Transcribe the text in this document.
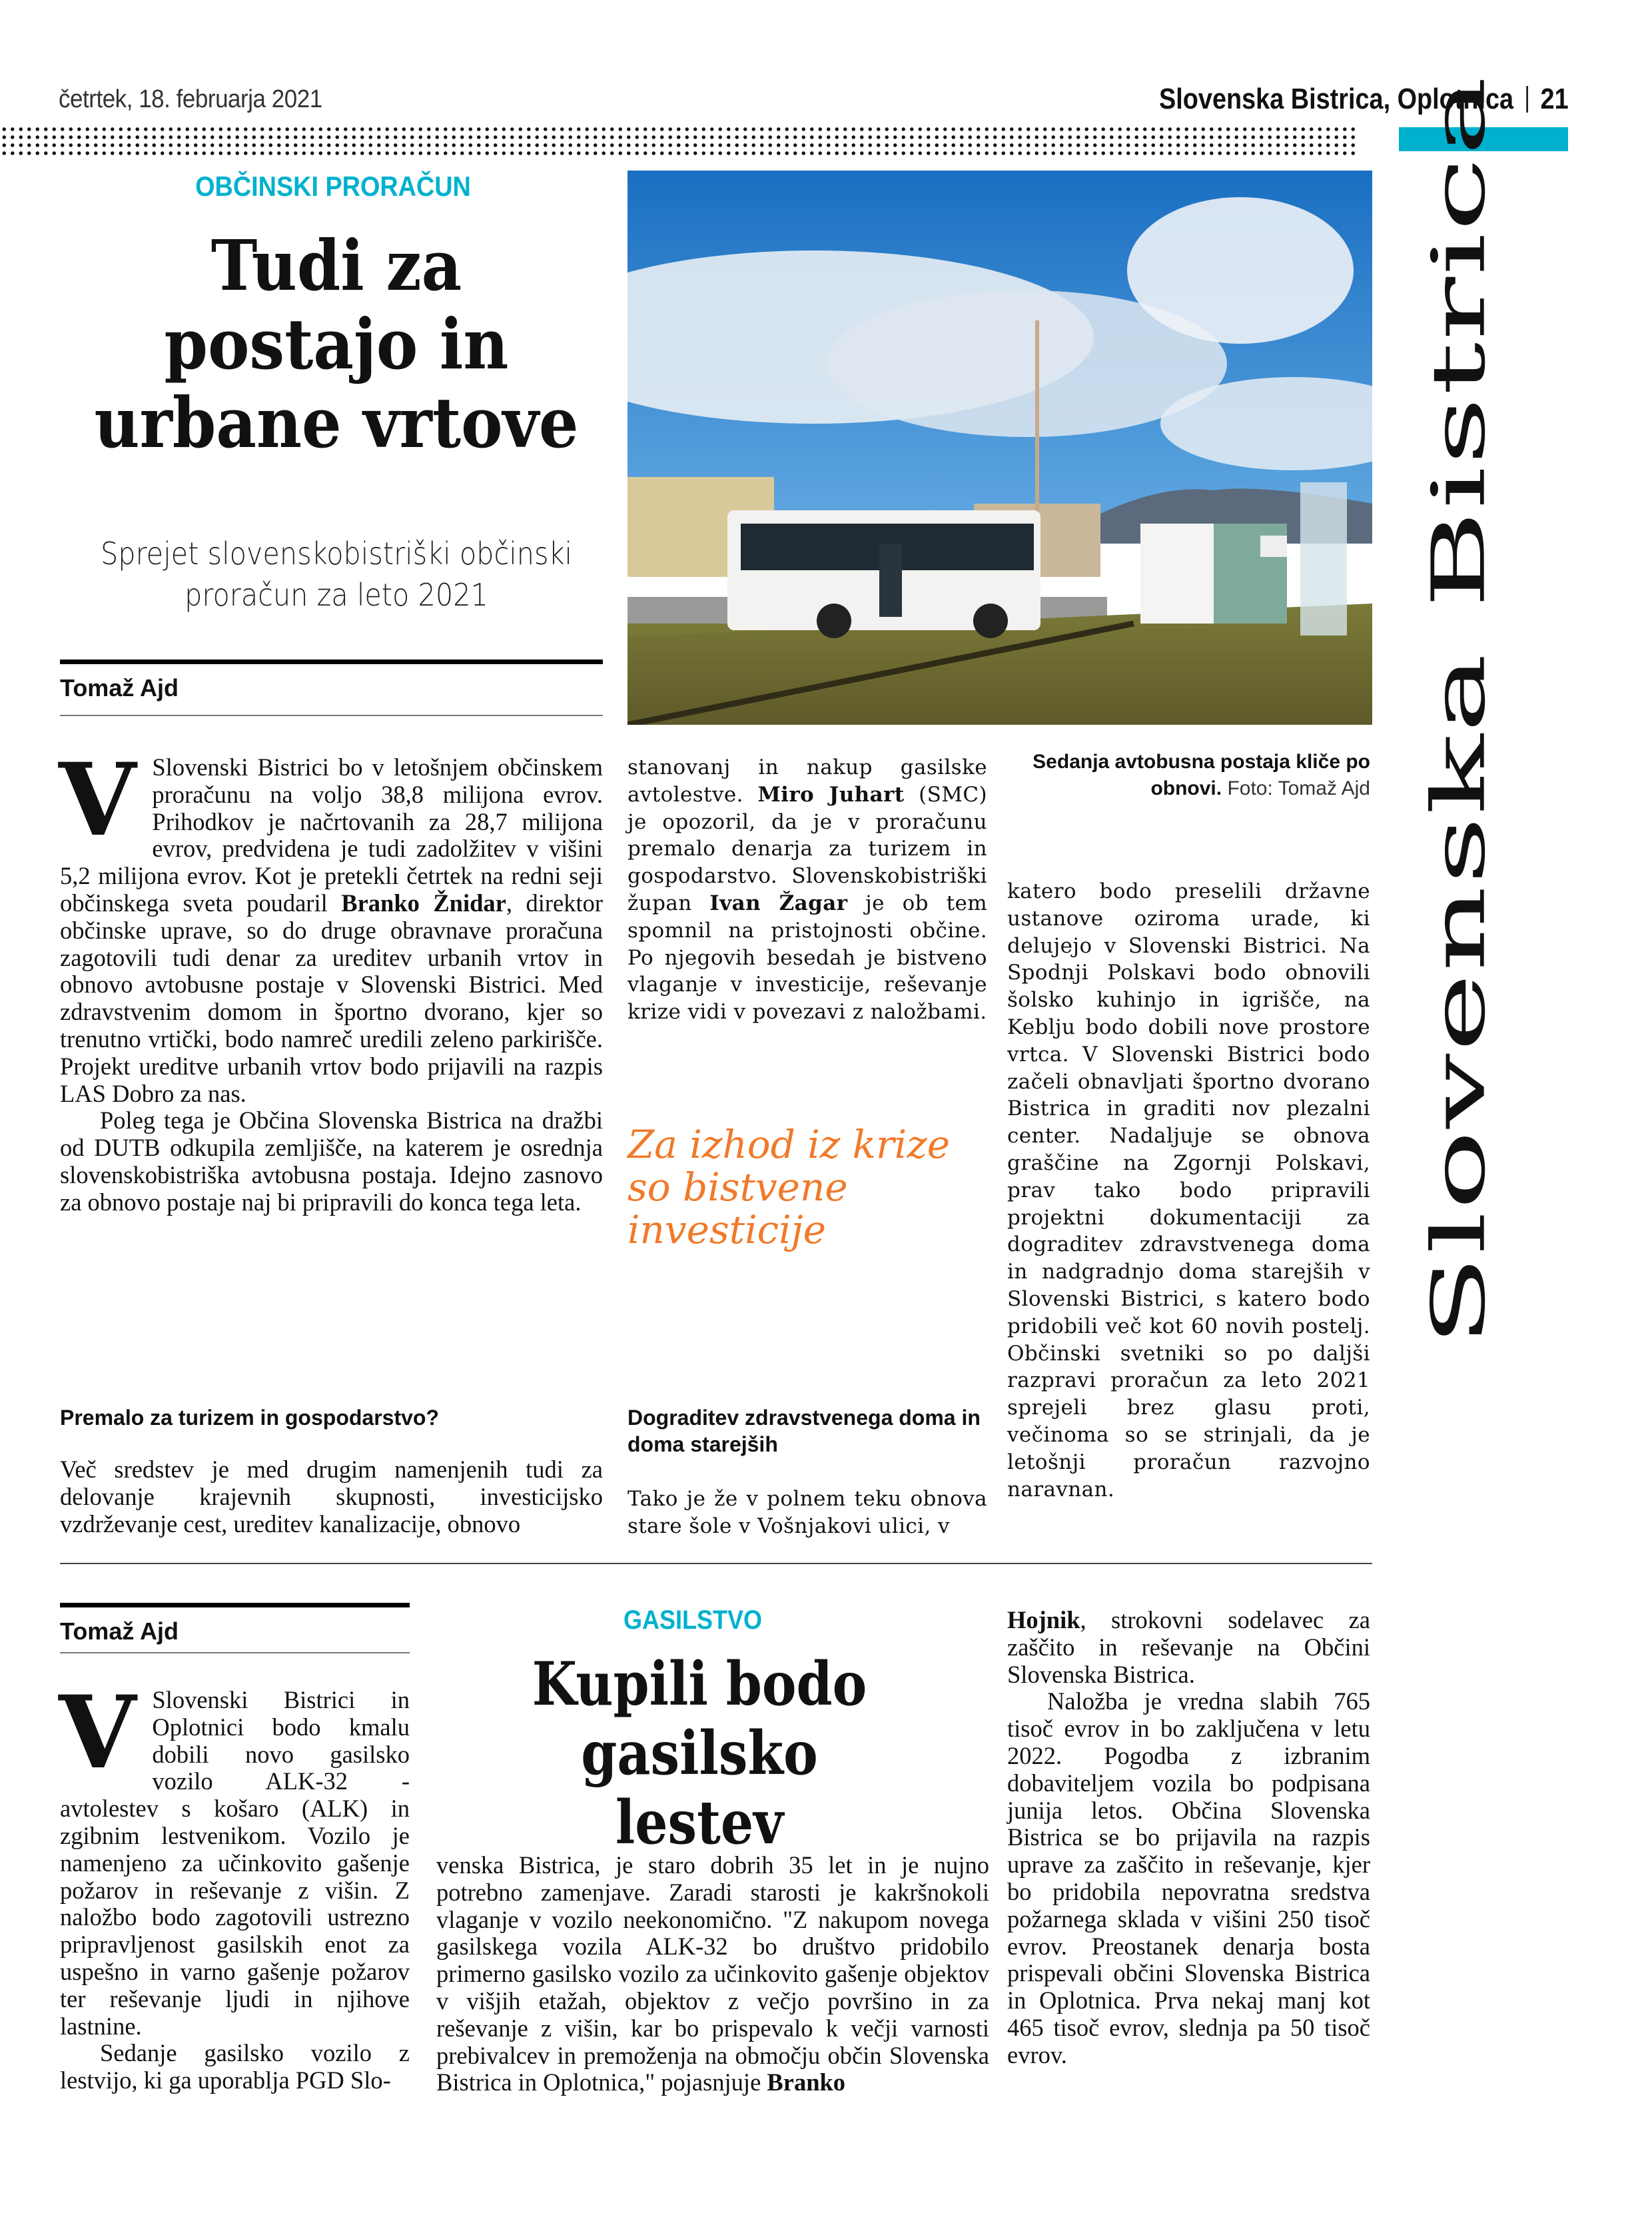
četrtek, 18. februarja 2021	Slovenska Bistrica, Oplotnica 21
Slovenska Bistrica
OBČINSKI PRORAČUN
Tudi za postajo in urbane vrtove
Sprejet slovenskobistriški občinski proračun za leto 2021
Tomaž Ajd
Sedanja avtobusna postaja kliče po obnovi. Foto: Tomaž Ajd

V Slovenski Bistrici bo v letošnjem občinskem proračunu na voljo 38,8 milijona evrov. Prihodkov je načrtovanih za 28,7 milijona evrov, predvidena je tudi zadolžitev v višini 5,2 milijona evrov. Kot je pretekli četrtek na redni seji občinskega sveta poudaril Branko Žnidar, direktor občinske uprave, so do druge obravnave proračuna zagotovili tudi denar za ureditev urbanih vrtov in obnovo avtobusne postaje v Slovenski Bistrici. Med zdravstvenim domom in športno dvorano, kjer so trenutno vrtički, bodo namreč uredili zeleno parkirišče. Projekt ureditve urbanih vrtov bodo prijavili na razpis LAS Dobro za nas.

Poleg tega je Občina Slovenska Bistrica na dražbi od DUTB odkupila zemljišče, na katerem je osrednja slovenskobistriška avtobusna postaja. Idejno zasnovo za obnovo postaje naj bi pripravili do konca tega leta.

Premalo za turizem in gospodarstvo?
Več sredstev je med drugim namenjenih tudi za delovanje krajevnih skupnosti, investicijsko vzdrževanje cest, ureditev kanalizacije, obnovo

stanovanj in nakup gasilske avtolestve. Miro Juhart (SMC) je opozoril, da je v proračunu premalo denarja za turizem in gospodarstvo. Slovenskobistriški župan Ivan Žagar je ob tem spomnil na pristojnosti občine. Po njegovih besedah je bistveno vlaganje v investicije, reševanje krize vidi v povezavi z naložbami.

Za izhod iz krize so bistvene investicije
Dograditev zdravstvenega doma in doma starejših
Tako je že v polnem teku obnova stare šole v Vošnjakovi ulici, v
katero bodo preselili državne ustanove oziroma urade, ki delujejo v Slovenski Bistrici. Na Spodnji Polskavi bodo obnovili šolsko kuhinjo in igrišče, na Keblju bodo dobili nove prostore vrtca. V Slovenski Bistrici bodo začeli obnavljati športno dvorano Bistrica in graditi nov plezalni center. Nadaljuje se obnova graščine na Zgornji Polskavi, prav tako bodo pripravili projektni dokumentaciji za dograditev zdravstvenega doma in nadgradnjo doma starejših v Slovenski Bistrici, s katero bodo pridobili več kot 60 novih postelj. Občinski svetniki so po daljši razpravi proračun za leto 2021 sprejeli brez glasu proti, večinoma so se strinjali, da je letošnji proračun razvojno naravnan.
Tomaž Ajd	GASILSTVO
Kupili bodo gasilsko lestev

V Slovenski Bistrici in Oplotnici bodo kmalu dobili novo gasilsko vozilo ALK-32 - avtolestev s košaro (ALK) in zgibnim lestvenikom. Vozilo je namenjeno za učinkovito gašenje požarov in reševanje z višin. Z naložbo bodo zagotovili ustrezno pripravljenost gasilskih enot za uspešno in varno gašenje požarov ter reševanje ljudi in njihove lastnine.

Sedanje gasilsko vozilo z lestvijo, ki ga uporablja PGD Slo-

venska Bistrica, je staro dobrih 35 let in je nujno potrebno zamenjave. Zaradi starosti je kakršnokoli vlaganje v vozilo neekonomično. "Z nakupom novega gasilskega vozila ALK-32 bo društvo pridobilo primerno gasilsko vozilo za učinkovito gašenje objektov v višjih etažah, objektov z večjo površino in za reševanje z višin, kar bo prispevalo k večji varnosti prebivalcev in premoženja na območju občin Slovenska Bistrica in Oplotnica," pojasnjuje Branko

Hojnik, strokovni sodelavec za zaščito in reševanje na Občini Slovenska Bistrica.

Naložba je vredna slabih 765 tisoč evrov in bo zaključena v letu 2022. Pogodba z izbranim dobaviteljem vozila bo podpisana junija letos. Občina Slovenska Bistrica se bo prijavila na razpis uprave za zaščito in reševanje, kjer bo pridobila nepovratna sredstva požarnega sklada v višini 250 tisoč evrov. Preostanek denarja bosta prispevali občini Slovenska Bistrica in Oplotnica. Prva nekaj manj kot 465 tisoč evrov, slednja pa 50 tisoč evrov.
